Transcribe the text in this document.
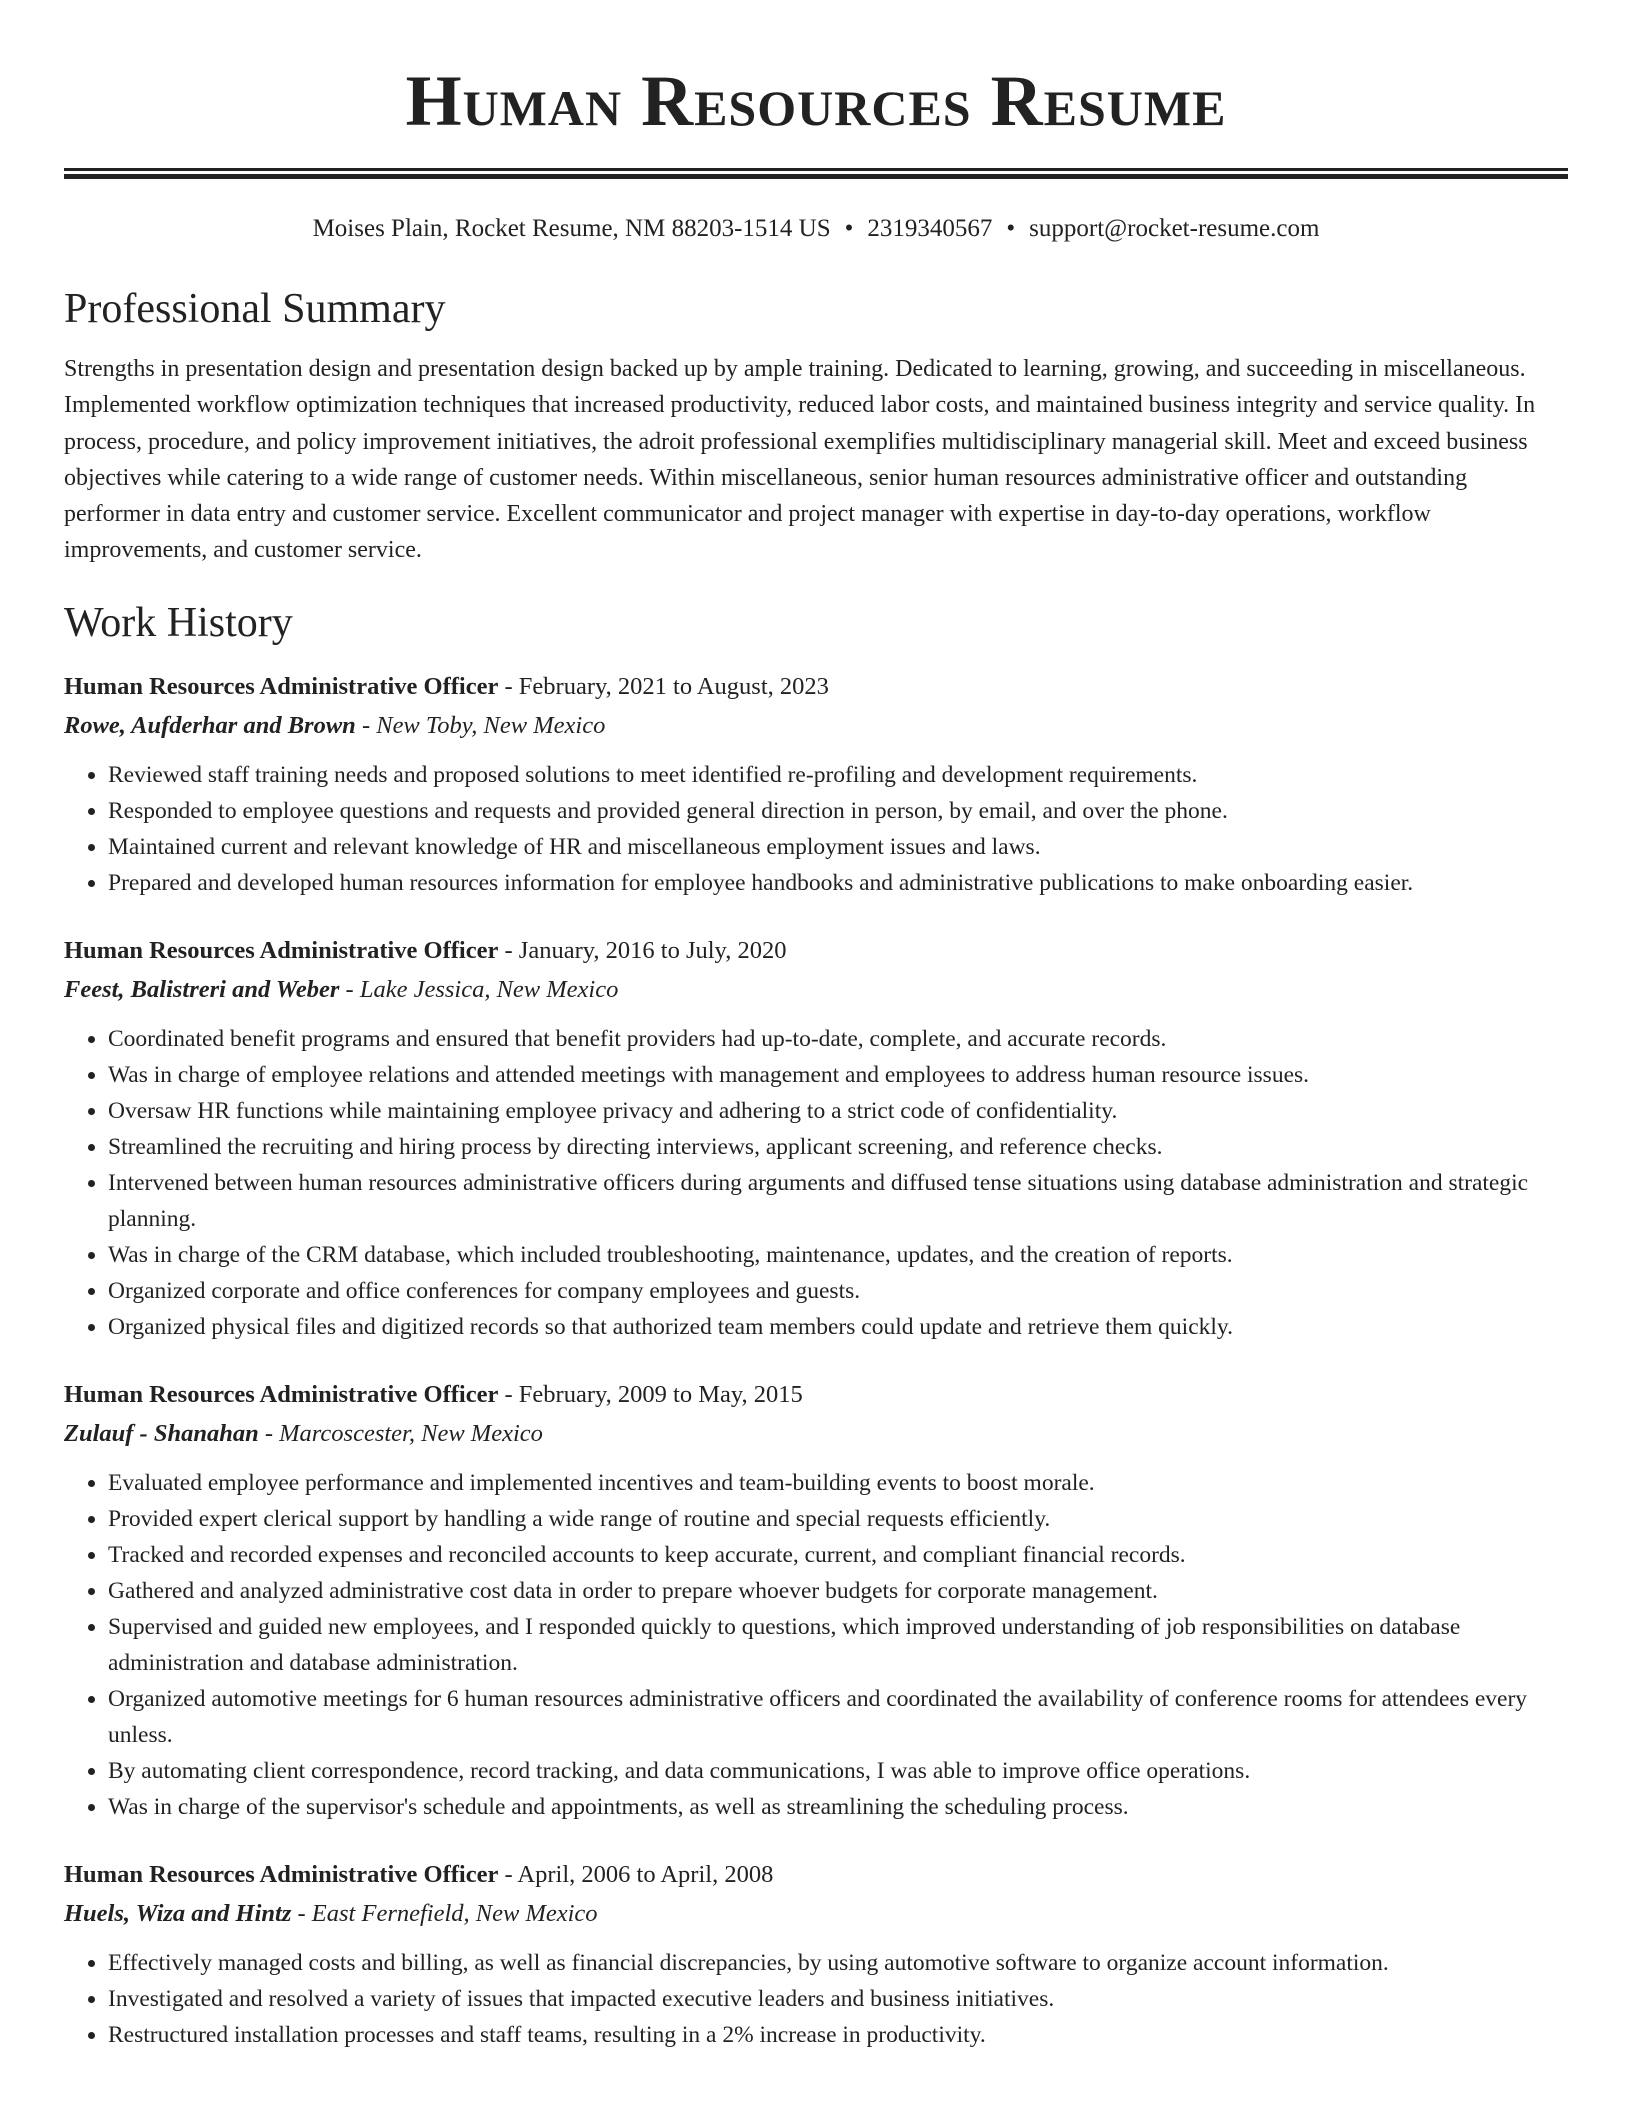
Human Resources Resume
Moises Plain, Rocket Resume, NM 88203-1514 US • 2319340567 • support@rocket-resume.com
Professional Summary

Strengths in presentation design and presentation design backed up by ample training. Dedicated to learning, growing, and succeeding in miscellaneous. Implemented workflow optimization techniques that increased productivity, reduced labor costs, and maintained business integrity and service quality. In process, procedure, and policy improvement initiatives, the adroit professional exemplifies multidisciplinary managerial skill. Meet and exceed business objectives while catering to a wide range of customer needs. Within miscellaneous, senior human resources administrative officer and outstanding performer in data entry and customer service. Excellent communicator and project manager with expertise in day-to-day operations, workflow improvements, and customer service.

Work History
Human Resources Administrative Officer - February, 2021 to August, 2023
Rowe, Aufderhar and Brown - New Toby, New Mexico
• Reviewed staff training needs and proposed solutions to meet identified re-profiling and development requirements.
• Responded to employee questions and requests and provided general direction in person, by email, and over the phone.
• Maintained current and relevant knowledge of HR and miscellaneous employment issues and laws.
• Prepared and developed human resources information for employee handbooks and administrative publications to make onboarding easier.
Human Resources Administrative Officer - January, 2016 to July, 2020
Feest, Balistreri and Weber - Lake Jessica, New Mexico
• Coordinated benefit programs and ensured that benefit providers had up-to-date, complete, and accurate records.
• Was in charge of employee relations and attended meetings with management and employees to address human resource issues.
• Oversaw HR functions while maintaining employee privacy and adhering to a strict code of confidentiality.
• Streamlined the recruiting and hiring process by directing interviews, applicant screening, and reference checks.
• Intervened between human resources administrative officers during arguments and diffused tense situations using database administration and strategic planning.
• Was in charge of the CRM database, which included troubleshooting, maintenance, updates, and the creation of reports.
• Organized corporate and office conferences for company employees and guests.
• Organized physical files and digitized records so that authorized team members could update and retrieve them quickly.
Human Resources Administrative Officer - February, 2009 to May, 2015
Zulauf - Shanahan - Marcoscester, New Mexico
• Evaluated employee performance and implemented incentives and team-building events to boost morale.
• Provided expert clerical support by handling a wide range of routine and special requests efficiently.
• Tracked and recorded expenses and reconciled accounts to keep accurate, current, and compliant financial records.
• Gathered and analyzed administrative cost data in order to prepare whoever budgets for corporate management.
• Supervised and guided new employees, and I responded quickly to questions, which improved understanding of job responsibilities on database administration and database administration.
• Organized automotive meetings for 6 human resources administrative officers and coordinated the availability of conference rooms for attendees every unless.
• By automating client correspondence, record tracking, and data communications, I was able to improve office operations.
• Was in charge of the supervisor's schedule and appointments, as well as streamlining the scheduling process.
Human Resources Administrative Officer - April, 2006 to April, 2008
Huels, Wiza and Hintz - East Fernefield, New Mexico
• Effectively managed costs and billing, as well as financial discrepancies, by using automotive software to organize account information.
• Investigated and resolved a variety of issues that impacted executive leaders and business initiatives.
• Restructured installation processes and staff teams, resulting in a 2% increase in productivity.
